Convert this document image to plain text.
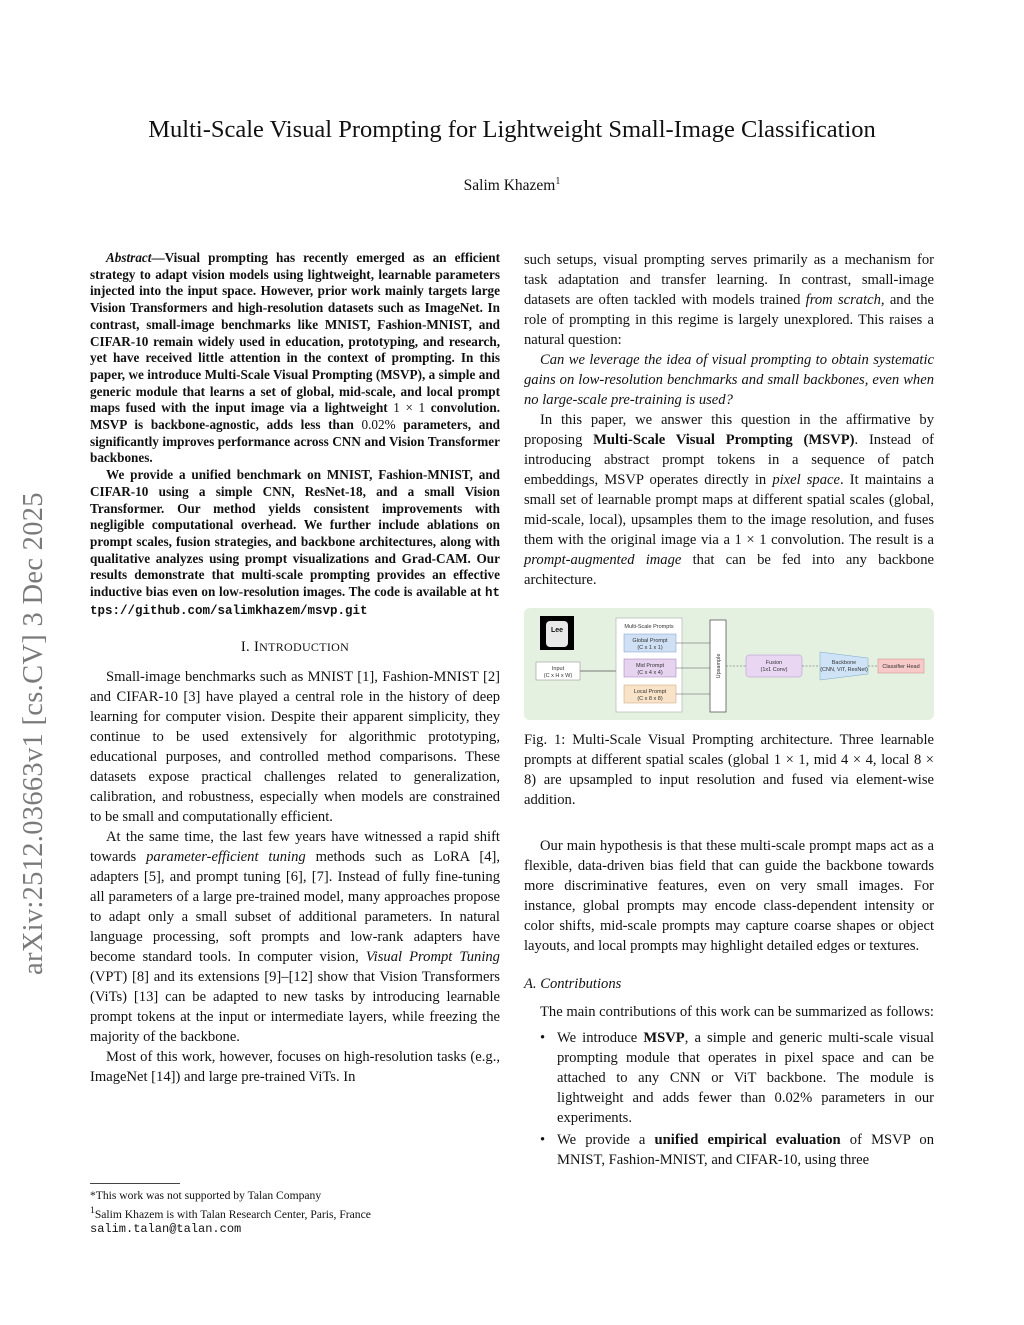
arXiv:2512.03663v1 [cs.CV] 3 Dec 2025
Multi-Scale Visual Prompting for Lightweight Small-Image Classification
Salim Khazem$^1$

Abstract—Visual prompting has recently emerged as an efficient strategy to adapt vision models using lightweight, learnable parameters injected into the input space. However, prior work mainly targets large Vision Transformers and high-resolution datasets such as ImageNet. In contrast, small-image benchmarks like MNIST, Fashion-MNIST, and CIFAR-10 remain widely used in education, prototyping, and research, yet have received little attention in the context of prompting. In this paper, we introduce Multi-Scale Visual Prompting (MSVP), a simple and generic module that learns a set of global, mid-scale, and local prompt maps fused with the input image via a lightweight 1 × 1 convolution. MSVP is backbone-agnostic, adds less than 0.02% parameters, and significantly improves performance across CNN and Vision Transformer backbones.

We provide a unified benchmark on MNIST, Fashion-MNIST, and CIFAR-10 using a simple CNN, ResNet-18, and a small Vision Transformer. Our method yields consistent improvements with negligible computational overhead. We further include ablations on prompt scales, fusion strategies, and backbone architectures, along with qualitative analyzes using prompt visualizations and Grad-CAM. Our results demonstrate that multi-scale prompting provides an effective inductive bias even on low-resolution images. The code is available at https://github.com/salimkhazem/msvp.git

I. INTRODUCTION

Small-image benchmarks such as MNIST [1], Fashion-MNIST [2] and CIFAR-10 [3] have played a central role in the history of deep learning for computer vision. Despite their apparent simplicity, they continue to be used extensively for algorithmic prototyping, educational purposes, and controlled method comparisons. These datasets expose practical challenges related to generalization, calibration, and robustness, especially when models are constrained to be small and computationally efficient.

At the same time, the last few years have witnessed a rapid shift towards parameter-efficient tuning methods such as LoRA [4], adapters [5], and prompt tuning [6], [7]. Instead of fully fine-tuning all parameters of a large pre-trained model, many approaches propose to adapt only a small subset of additional parameters. In natural language processing, soft prompts and low-rank adapters have become standard tools. In computer vision, Visual Prompt Tuning (VPT) [8] and its extensions [9]–[12] show that Vision Transformers (ViTs) [13] can be adapted to new tasks by introducing learnable prompt tokens at the input or intermediate layers, while freezing the majority of the backbone.

Most of this work, however, focuses on high-resolution tasks (e.g., ImageNet [14]) and large pre-trained ViTs. In

*This work was not supported by Talan Company
$^1$Salim Khazem is with Talan Research Center, Paris, France
salim.talan@talan.com

such setups, visual prompting serves primarily as a mechanism for task adaptation and transfer learning. In contrast, small-image datasets are often tackled with models trained from scratch, and the role of prompting in this regime is largely unexplored. This raises a natural question:

Can we leverage the idea of visual prompting to obtain systematic gains on low-resolution benchmarks and small backbones, even when no large-scale pre-training is used?

In this paper, we answer this question in the affirmative by proposing Multi-Scale Visual Prompting (MSVP). Instead of introducing abstract prompt tokens in a sequence of patch embeddings, MSVP operates directly in pixel space. It maintains a small set of learnable prompt maps at different spatial scales (global, mid-scale, local), upsamples them to the image resolution, and fuses them with the original image via a 1 × 1 convolution. The result is a prompt-augmented image that can be fed into any backbone architecture.

Lee
Input
(C x H x W)
Multi-Scale Prompts
Global Prompt
(C x 1 x 1)
Mid Prompt
(C x 4 x 4)
Local Prompt
(C x 8 x 8)
Upsample	Fusion
(1x1 Conv)
Backbone
(CNN, ViT, ResNet)	Classifier Head
Fig. 1: Multi-Scale Visual Prompting architecture. Three learnable prompts at different spatial scales (global 1 × 1, mid 4 × 4, local 8 × 8) are upsampled to input resolution and fused via element-wise addition.

Our main hypothesis is that these multi-scale prompt maps act as a flexible, data-driven bias field that can guide the backbone towards more discriminative features, even on very small images. For instance, global prompts may encode class-dependent intensity or color shifts, mid-scale prompts may capture coarse shapes or object layouts, and local prompts may highlight detailed edges or textures.

A. Contributions

The main contributions of this work can be summarized as follows:

• We introduce MSVP, a simple and generic multi-scale visual prompting module that operates in pixel space and can be attached to any CNN or ViT backbone. The module is lightweight and adds fewer than 0.02% parameters in our experiments.
• We provide a unified empirical evaluation of MSVP on MNIST, Fashion-MNIST, and CIFAR-10, using three
